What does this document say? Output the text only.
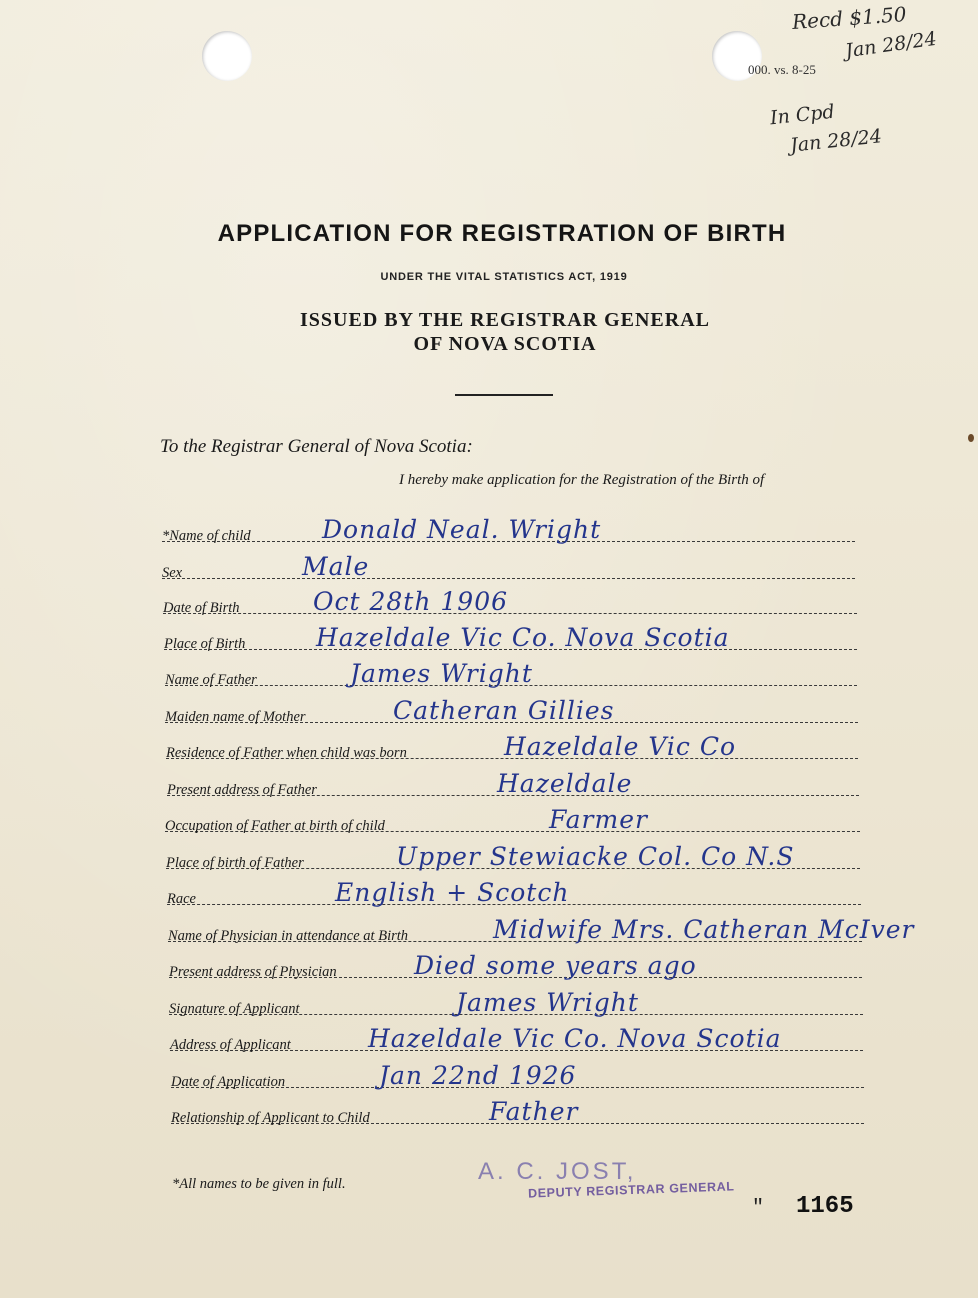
000. vs. 8-25
Recd $1.50
Jan 28/24
In Cpd
Jan 28/24
APPLICATION FOR REGISTRATION OF BIRTH
UNDER THE VITAL STATISTICS ACT, 1919
ISSUED BY THE REGISTRAR GENERAL
OF NOVA SCOTIA
To the Registrar General of Nova Scotia:
I hereby make application for the Registration of the Birth of
*Name of child	Donald Neal. Wright
Sex	Male
Date of Birth	Oct 28th 1906
Place of Birth	Hazeldale Vic Co. Nova Scotia
Name of Father	James Wright
Maiden name of Mother	Catheran Gillies
Residence of Father when child was born	Hazeldale Vic Co
Present address of Father	Hazeldale
Occupation of Father at birth of child	Farmer
Place of birth of Father	Upper Stewiacke Col. Co N.S
Race	English + Scotch
Name of Physician in attendance at Birth	Midwife Mrs. Catheran McIver
Present address of Physician	Died some years ago
Signature of Applicant	James Wright
Address of Applicant	Hazeldale Vic Co. Nova Scotia
Date of Application	Jan 22nd 1926
Relationship of Applicant to Child	Father
*All names to be given in full.	A. C. JOST,
DEPUTY REGISTRAR GENERAL
" 1165
